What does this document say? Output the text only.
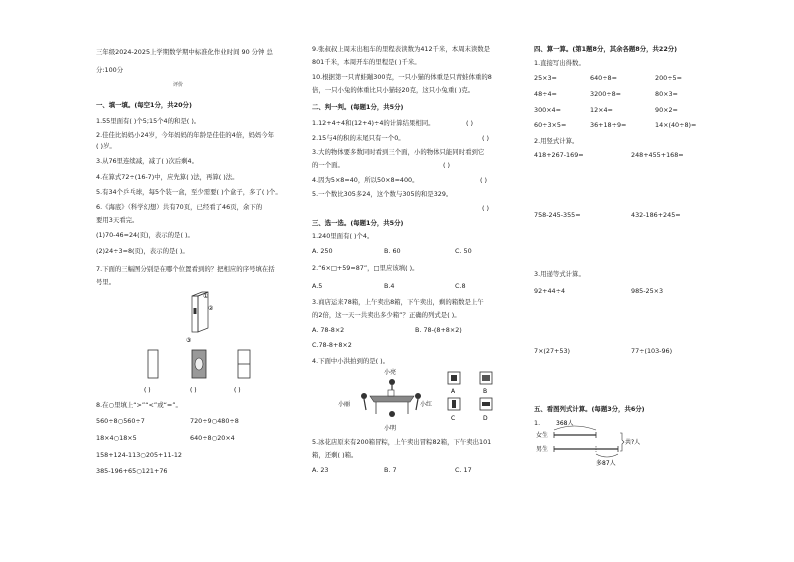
三年级2024-2025上学期数学期中标准化作业时间 90 分钟 总
分:100分
评价
一、填一填。(每空1分，共20分)
1.55里面有( )个5;15个4的和是( )。
2.佳佳比妈妈小24岁，今年妈妈的年龄是佳佳的4倍，妈妈今年
( )岁。
3.从76里连续减，减了( )次后剩4。
4.在算式72÷(16-7)中，应先算( )法，再算( )法。
5.有34个乒乓球，每5个装一盒，至少需要( )个盒子，多了( )个。
6.《海底》（科学幻想）共有70页，已经看了46页，余下的
要用3天看完。
(1)70-46=24(页)，表示的是( )。
(2)24÷3=8(页)，表示的是( )。
7.下面的三幅图分别是在哪个位置看到的？把相应的序号填在括
号里。
①
②
③
( )	( )	( )
8.在○里填上“>”“<”或“=”。
560÷8○560÷7	720÷9○480÷8
18×4○18×5	640÷8○20×4
158+124-113○205+11-12
385-196+65○121+76
9.张叔叔上周末出租车的里程表读数为412千米，本周末读数是
801千米，本周开车的里程是( )千米。
10.根据第一只青蛙蹦300克，一只小猫的体重是只青蛙体重的8
倍，一只小兔的体重比只小猫轻20克，这只小兔重( )克。
二、判一判。(每题1分，共5分)
1.12+4÷4和(12+4)÷4的计算结果相同。	( )
2.15与4的积的末尾只有一个0。	( )
3.大的物体要多数同时看到三个面，小的物体只能同时看到它
的一个面。	( )
4.因为5×8=40，所以50×8=400。	( )
5.一个数比305多24，这个数与305的和是329。
( )
三、选一选。(每题1分，共5分)
1.240里面有( )个4。
A. 250	B. 60	C. 50
2.“6×□+59=87”，□里应该填( )。
A.5	B.4	C.8
3.商店运来78箱，上午卖出8箱，下午卖出，剩的箱数是上午
的2倍，这一天一共卖出多少箱”？正确的列式是( )。
A. 78-8×2	B. 78-(8+8×2)
C.78-8+8×2
4.下面中小洪拍到的是( )。
小亮
小丽	小红
小明
A	B
C	D
5.冰花店原来有200箱冒粽，上午卖出冒粽82箱，下午卖出101
箱，还剩( )箱。
A. 23	B. 7	C. 17
四、算一算。(第1题8分，其余各题8分，共22分)
1.直接写出得数。
25×3=	640÷8=	200÷5=
48÷4=	3200÷8=	80×3=
300×4=	12×4=	90×2=
60÷3×5=	36+18÷9=	14×(40÷8)=
2.用竖式计算。
418+267-169=	248+455+168=
758-245-355=	432-186+245=
3.用递等式计算。
92+44÷4	985-25×3
7×(27+53)	77÷(103-96)
五、看图列式计算。(每题3分，共6分)
1.	368人
女生
男生
多87人
共?人
